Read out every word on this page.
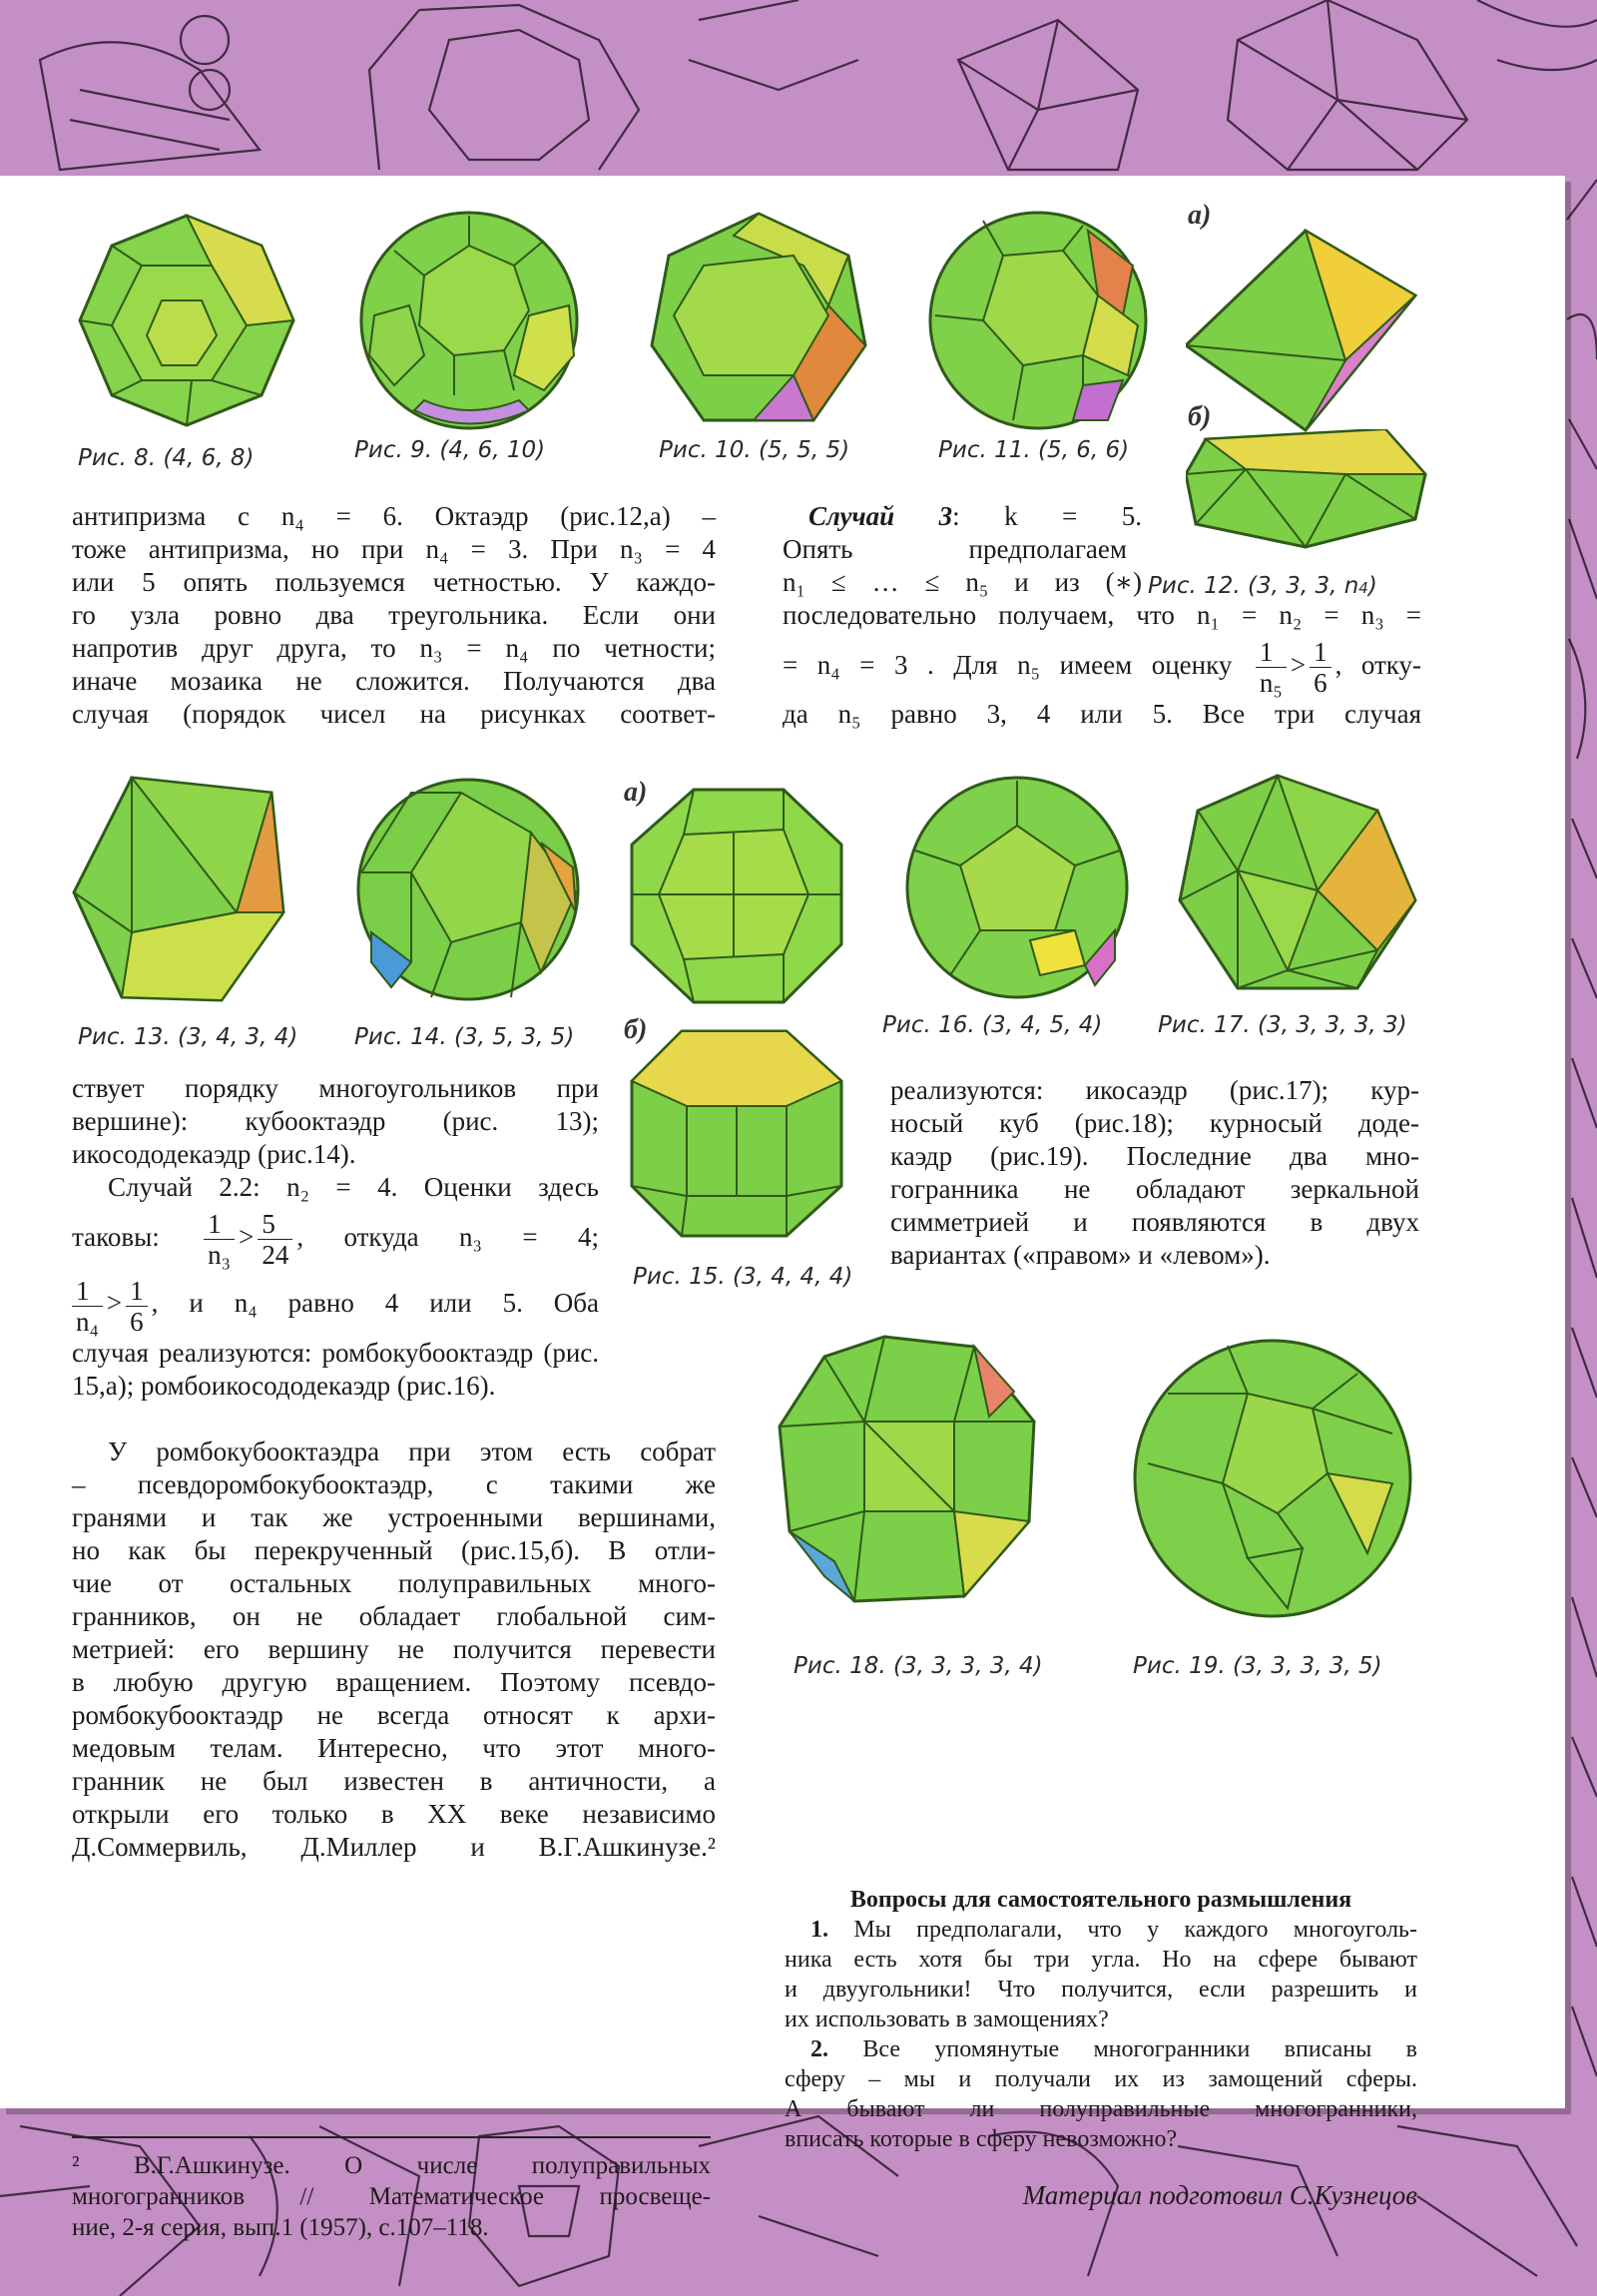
Рис. 8. (4, 6, 8)	Рис. 9. (4, 6, 10)	Рис. 10. (5, 5, 5)	Рис. 11. (5, 6, 6)
а)
б)
антипризма с n₄ = 6. Октаэдр (рис.12,а) –
тоже антипризма, но при n₄ = 3. При n₃ = 4
или 5 опять пользуемся четностью. У каждо-
го узла ровно два треугольника. Если они
напротив друг друга, то n₃ = n₄ по четности;
иначе мозаика не сложится. Получаются два
случая (порядок чисел на рисунках соответ-
Случай 3: k = 5.
Опять предполагаем
n₁ ≤ … ≤ n₅ и из (∗)
последовательно получаем, что n₁ = n₂ = n₃ =
= n₄ = 3 . Для n₅ имеем оценку $\frac{1}{\text{n₅}} > \frac{1}{6}$ , отку-
да n₅ равно 3, 4 или 5. Все три случая
Рис. 12. (3, 3, 3, n4)
Рис. 13. (3, 4, 3, 4) Рис. 14. (3, 5, 3, 5)
а)
Рис. 16. (3, 4, 5, 4) Рис. 17. (3, 3, 3, 3, 3)
б)
Рис. 15. (3, 4, 4, 4)
ствует порядку многоугольников при
вершине): кубооктаэдр (рис. 13);
икосододекаэдр (рис.14).
Случай 2.2: n₂ = 4. Оценки здесь
таковы: $\frac{1}{\text{n₃}} > \frac{5}{24}$ , откуда n₃ = 4;
$\frac{1}{\text{n₄}} > \frac{1}{6}$ , и n₄ равно 4 или 5. Оба
случая реализуются: ромбокубооктаэдр (рис.
15,а); ромбоикосододекаэдр (рис.16).
реализуются: икосаэдр (рис.17); кур-
носый куб (рис.18); курносый доде-
каэдр (рис.19). Последние два мно-
гогранника не обладают зеркальной
симметрией и появляются в двух
вариантах («правом» и «левом»).
У ромбокубооктаэдра при этом есть собрат
– псевдоромбокубооктаэдр, с такими же
гранями и так же устроенными вершинами,
но как бы перекрученный (рис.15,б). В отли-
чие от остальных полуправильных много-
гранников, он не обладает глобальной сим-
метрией: его вершину не получится перевести
в любую другую вращением. Поэтому псевдо-
ромбокубооктаэдр не всегда относят к архи-
медовым телам. Интересно, что этот много-
гранник не был известен в античности, а
открыли его только в XX веке независимо
Д.Соммервиль, Д.Миллер и В.Г.Ашкинузе.²
Рис. 18. (3, 3, 3, 3, 4)	Рис. 19. (3, 3, 3, 3, 5)
Вопросы для самостоятельного размышления
1. Мы предполагали, что у каждого многоуголь-
ника есть хотя бы три угла. Но на сфере бывают
и двуугольники! Что получится, если разрешить и
их использовать в замощениях?
2. Все упомянутые многогранники вписаны в
сферу – мы и получали их из замощений сферы.
А бывают ли полуправильные многогранники,
вписать которые в сферу невозможно?
Материал подготовил С.Кузнецов
² В.Г.Ашкинузе. О числе полуправильных
многогранников // Математическое просвеще-
ние, 2-я серия, вып.1 (1957), с.107–118.
